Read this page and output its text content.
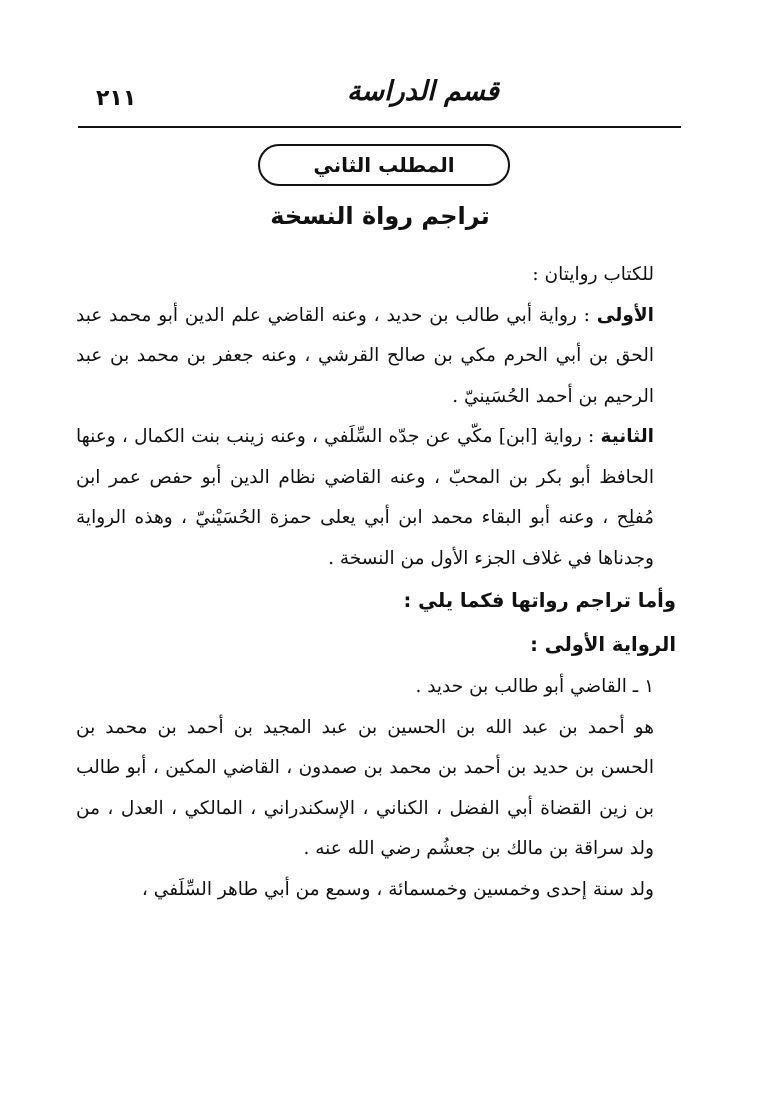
٢١١	قسم الدراسة
المطلب الثاني
تراجم رواة النسخة

للكتاب روايتان :

الأولى : رواية أبي طالب بن حديد ، وعنه القاضي علم الدين أبو محمد عبد الحق بن أبي الحرم مكي بن صالح القرشي ، وعنه جعفر بن محمد بن عبد الرحيم بن أحمد الحُسَينيّ .

الثانية : رواية [ابن] مكّي عن جدّه السِّلَفي ، وعنه زينب بنت الكمال ، وعنها الحافظ أبو بكر بن المحبّ ، وعنه القاضي نظام الدين أبو حفص عمر ابن مُفلِح ، وعنه أبو البقاء محمد ابن أبي يعلى حمزة الحُسَيْنيّ ، وهذه الرواية وجدناها في غلاف الجزء الأول من النسخة .

وأما تراجم رواتها فكما يلي :

الرواية الأولى :

١ ـ القاضي أبو طالب بن حديد .

هو أحمد بن عبد الله بن الحسين بن عبد المجيد بن أحمد بن محمد بن الحسن بن حديد بن أحمد بن محمد بن صمدون ، القاضي المكين ، أبو طالب بن زين القضاة أبي الفضل ، الكناني ، الإسكندراني ، المالكي ، العدل ، من ولد سراقة بن مالك بن جعشُم رضي الله عنه .

ولد سنة إحدى وخمسين وخمسمائة ، وسمع من أبي طاهر السِّلَفي ،
